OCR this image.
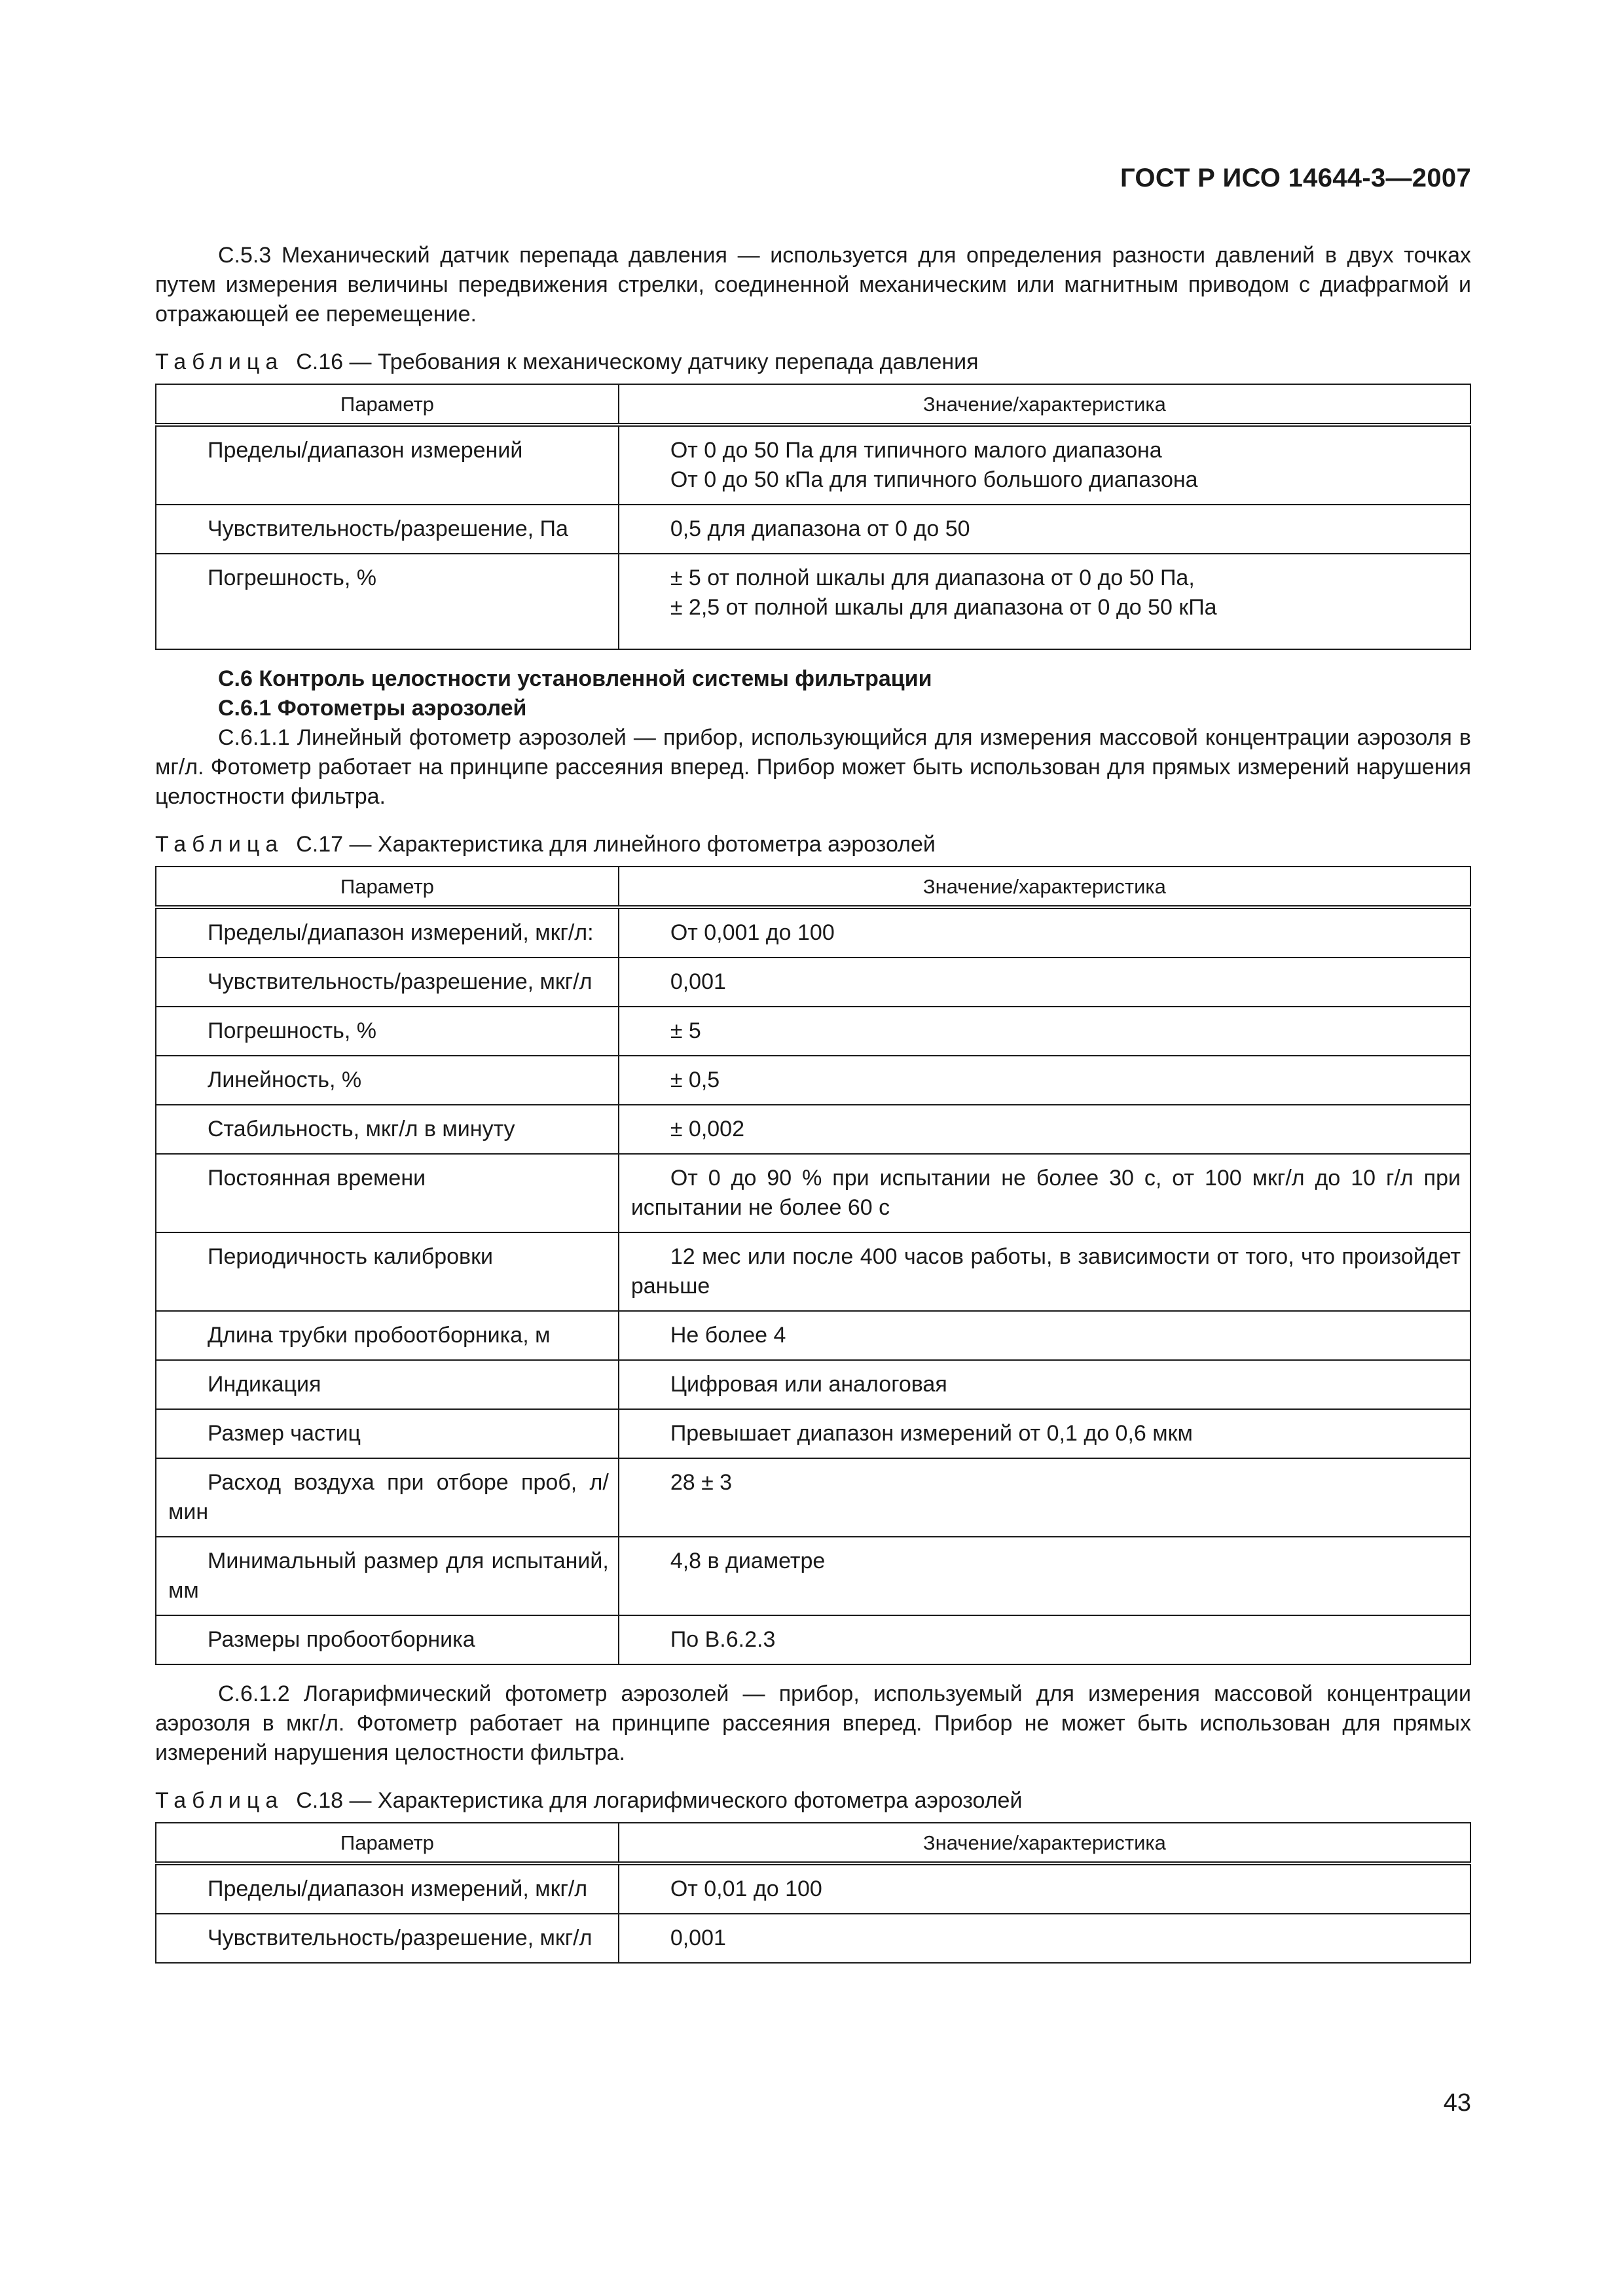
ГОСТ Р ИСО 14644-3—2007

С.5.3 Механический датчик перепада давления — используется для определения разности давлений в двух точках путем измерения величины передвижения стрелки, соединенной механическим или магнитным приводом с диафрагмой и отражающей ее перемещение.

Таблица С.16 — Требования к механическому датчику перепада давления
Параметр	Значение/характеристика
Пределы/диапазон измерений	От 0 до 50 Па для типичного малого диапазона
От 0 до 50 кПа для типичного большого диапазона

Чувствительность/разрешение, Па	0,5 для диапазона от 0 до 50
Погрешность, %	± 5 от полной шкалы для диапазона от 0 до 50 Па,
± 2,5 от полной шкалы для диапазона от 0 до 50 кПа
С.6 Контроль целостности установленной системы фильтрации
С.6.1 Фотометры аэрозолей

С.6.1.1 Линейный фотометр аэрозолей — прибор, использующийся для измерения массовой концентрации аэрозоля в мг/л. Фотометр работает на принципе рассеяния вперед. Прибор может быть использован для прямых измерений нарушения целостности фильтра.

Таблица С.17 — Характеристика для линейного фотометра аэрозолей
Параметр	Значение/характеристика
Пределы/диапазон измерений, мкг/л:	От 0,001 до 100
Чувствительность/разрешение, мкг/л	0,001
Погрешность, %	± 5
Линейность, %	± 0,5
Стабильность, мкг/л в минуту	± 0,002
Постоянная времени	От 0 до 90 % при испытании не более 30 с, от 100 мкг/л до 10 г/л при испытании не более 60 с
Периодичность калибровки	12 мес или после 400 часов работы, в зависимости от того, что произойдет раньше
Длина трубки пробоотборника, м	Не более 4
Индикация	Цифровая или аналоговая
Размер частиц	Превышает диапазон измерений от 0,1 до 0,6 мкм
Расход воздуха при отборе проб, л/мин	28 ± 3
Минимальный размер для испытаний, мм	4,8 в диаметре
Размеры пробоотборника	По В.6.2.3

С.6.1.2 Логарифмический фотометр аэрозолей — прибор, используемый для измерения массовой концентрации аэрозоля в мкг/л. Фотометр работает на принципе рассеяния вперед. Прибор не может быть использован для прямых измерений нарушения целостности фильтра.

Таблица С.18 — Характеристика для логарифмического фотометра аэрозолей
Параметр	Значение/характеристика
Пределы/диапазон измерений, мкг/л	От 0,01 до 100
Чувствительность/разрешение, мкг/л	0,001
43
